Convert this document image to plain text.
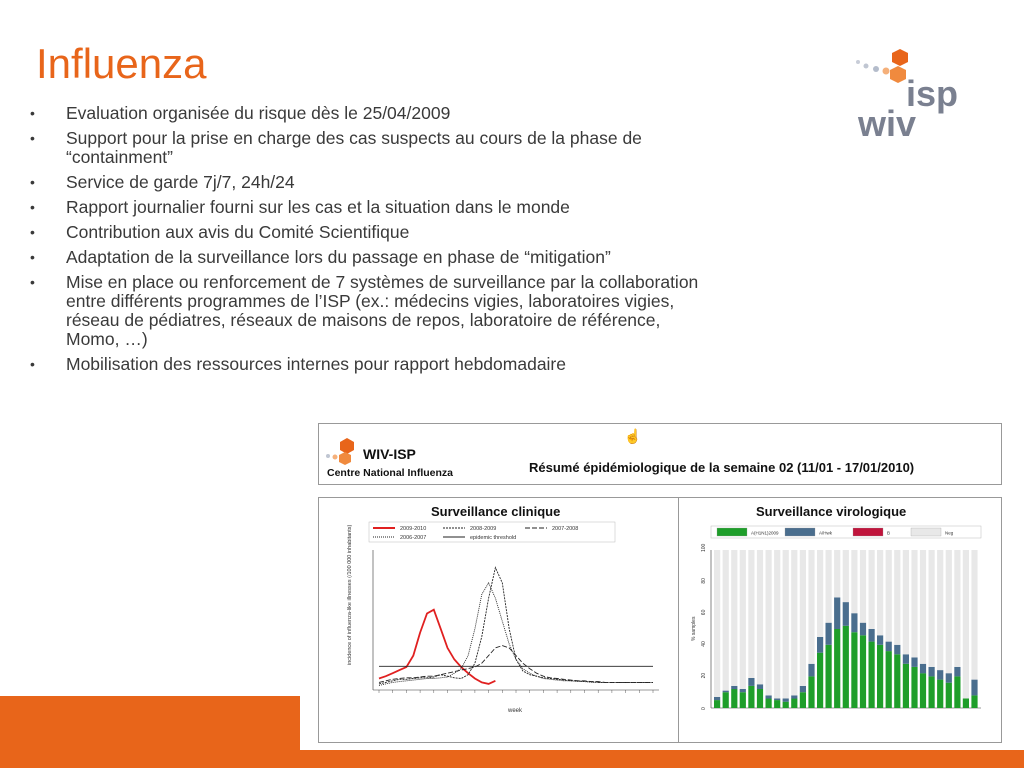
Influenza
isp
wiv
• Evaluation organisée du risque dès le 25/04/2009
• Support pour la prise en charge des cas suspects au cours de la phase de “containment”
• Service de garde 7j/7, 24h/24
• Rapport journalier fourni sur les cas et la situation dans le monde
• Contribution aux avis du Comité Scientifique
• Adaptation de la surveillance lors du passage en phase de “mitigation”
• Mise en place ou renforcement de 7 systèmes de surveillance par la collaboration entre différents programmes de l’ISP (ex.: médecins vigies, laboratoires vigies, réseau de pédiatres, réseaux de maisons de repos, laboratoire de référence, Momo, …)
• Mobilisation des ressources internes pour rapport hebdomadaire
WIV-ISP
Centre National Influenza	Résumé épidémiologique de la semaine 02 (11/01 - 17/01/2010)
☝
Surveillance clinique	Surveillance virologique
2009-2010	2008-2009	2007-2008
2006-2007	epidemic threshold
incidence of influenza-like illnesses (/100 000 inhabitants)
week
A(H1N1)2009	A/Hwk	B	Neg
0
20
40
60
80
100
% samples
